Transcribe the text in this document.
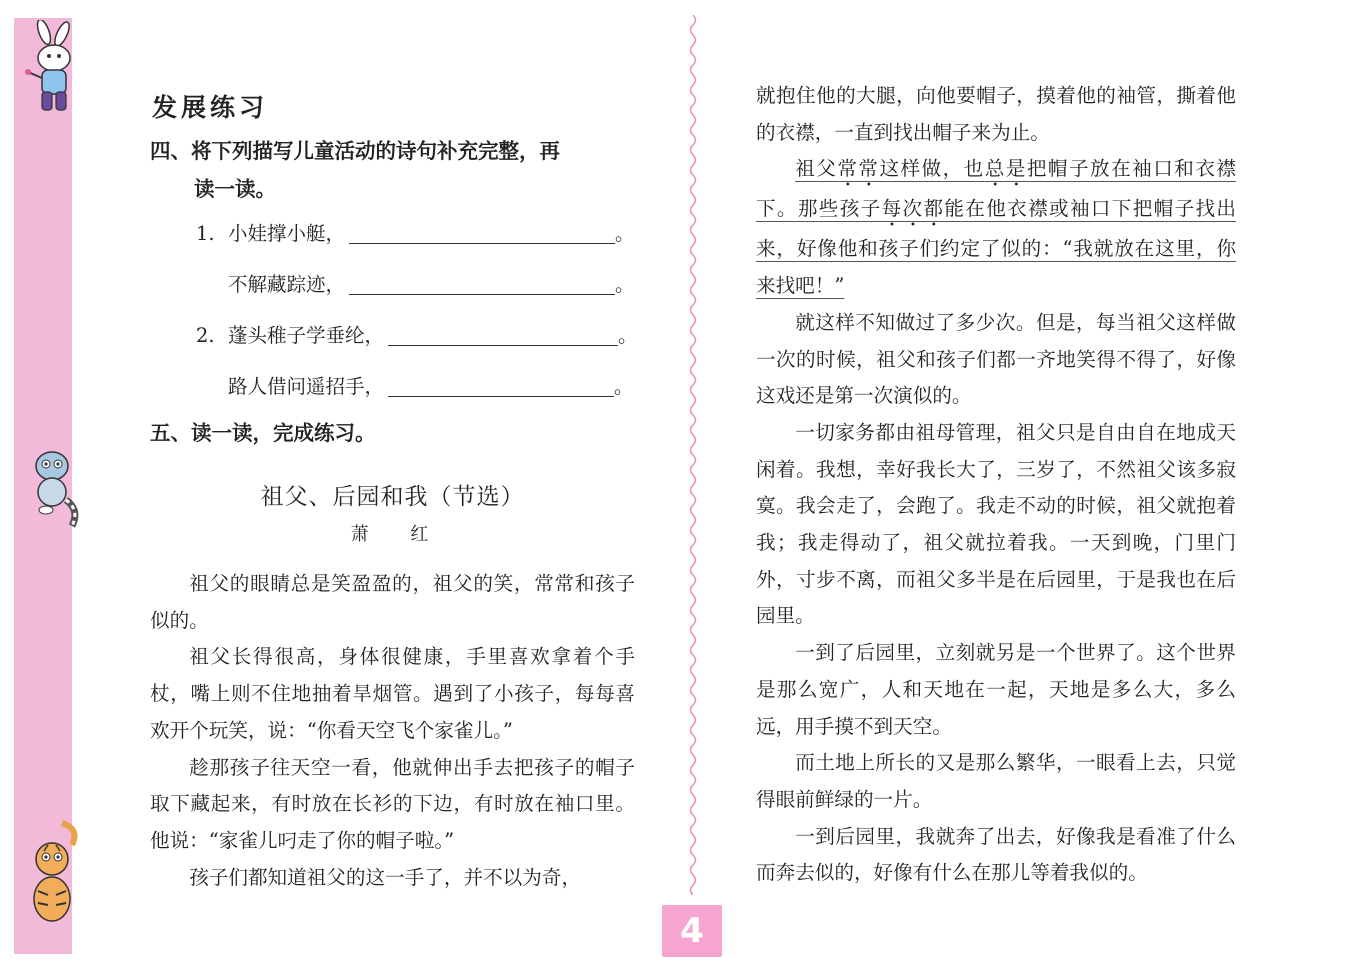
发展练习
四、将下列描写儿童活动的诗句补充完整，再
读一读。
1. 小娃撑小艇，	。
不解藏踪迹，	。
2. 蓬头稚子学垂纶，	。
路人借问遥招手，	。
五、读一读，完成练习。
祖父、后园和我（节选）
萧 红

祖父的眼睛总是笑盈盈的，祖父的笑，常常和孩子似的。

祖父长得很高，身体很健康，手里喜欢拿着个手杖，嘴上则不住地抽着旱烟管。遇到了小孩子，每每喜欢开个玩笑，说：“你看天空飞个家雀儿。”

趁那孩子往天空一看，他就伸出手去把孩子的帽子取下藏起来，有时放在长衫的下边，有时放在袖口里。他说：“家雀儿叼走了你的帽子啦。”

孩子们都知道祖父的这一手了，并不以为奇，

就抱住他的大腿，向他要帽子，摸着他的袖管，撕着他的衣襟，一直到找出帽子来为止。

祖父常常这样做，也总是把帽子放在袖口和衣襟下。那些孩子每次都能在他衣襟或袖口下把帽子找出来，好像他和孩子们约定了似的：“我就放在这里，你来找吧！”

就这样不知做过了多少次。但是，每当祖父这样做一次的时候，祖父和孩子们都一齐地笑得不得了，好像这戏还是第一次演似的。

一切家务都由祖母管理，祖父只是自由自在地成天闲着。我想，幸好我长大了，三岁了，不然祖父该多寂寞。我会走了，会跑了。我走不动的时候，祖父就抱着我；我走得动了，祖父就拉着我。一天到晚，门里门外，寸步不离，而祖父多半是在后园里，于是我也在后园里。

一到了后园里，立刻就另是一个世界了。这个世界是那么宽广，人和天地在一起，天地是多么大，多么远，用手摸不到天空。

而土地上所长的又是那么繁华，一眼看上去，只觉得眼前鲜绿的一片。

一到后园里，我就奔了出去，好像我是看准了什么而奔去似的，好像有什么在那儿等着我似的。

4
